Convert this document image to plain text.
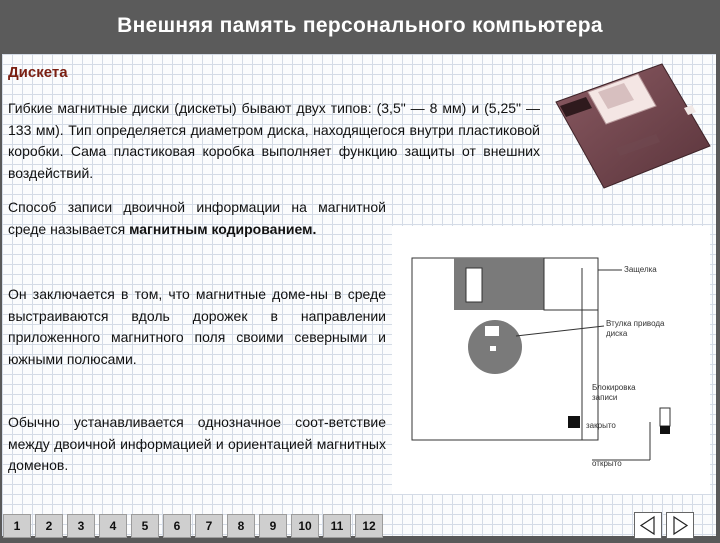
Внешняя память персонального компьютера
Дискета
Гибкие магнитные диски (дискеты) бывают двух типов: (3,5" — 8 мм) и (5,25" — 133 мм). Тип определяется диаметром диска, находящегося внутри пластиковой коробки. Сама пластиковая коробка выполняет функцию защиты от внешних воздействий.
Способ записи двоичной информации на магнитной среде называется магнитным кодированием.
Он заключается в том, что магнитные доме-ны в среде выстраиваются вдоль дорожек в направлении приложенного магнитного поля своими северными и южными полюсами.
Обычно устанавливается однозначное соот-ветствие между двоичной информацией и ориентацией магнитных доменов.
Защелка
Втулка привода
диска
Блокировка
записи
закрыто
открыто
1	2	3	4	5	6	7	8	9	10	11	12
